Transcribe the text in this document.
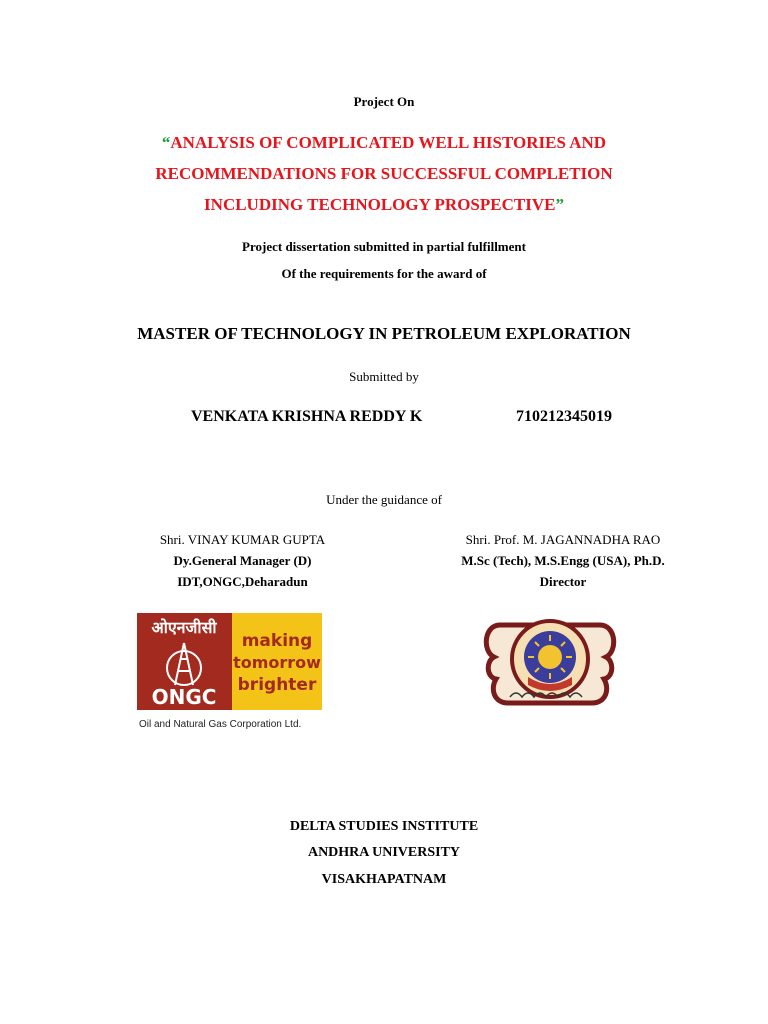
Project On
“ANALYSIS OF COMPLICATED WELL HISTORIES AND
RECOMMENDATIONS FOR SUCCESSFUL COMPLETION
INCLUDING TECHNOLOGY PROSPECTIVE”
Project dissertation submitted in partial fulfillment
Of the requirements for the award of
MASTER OF TECHNOLOGY IN PETROLEUM EXPLORATION
Submitted by
VENKATA KRISHNA REDDY K	710212345019
Under the guidance of
Shri. VINAY KUMAR GUPTA
Dy.General Manager (D)
IDT,ONGC,Deharadun
Shri. Prof. M. JAGANNADHA RAO
M.Sc (Tech), M.S.Engg (USA), Ph.D.
Director
ओएनजीसी
ONGC
making
tomorrow
brighter
Oil and Natural Gas Corporation Ltd.
DELTA STUDIES INSTITUTE
ANDHRA UNIVERSITY
VISAKHAPATNAM
